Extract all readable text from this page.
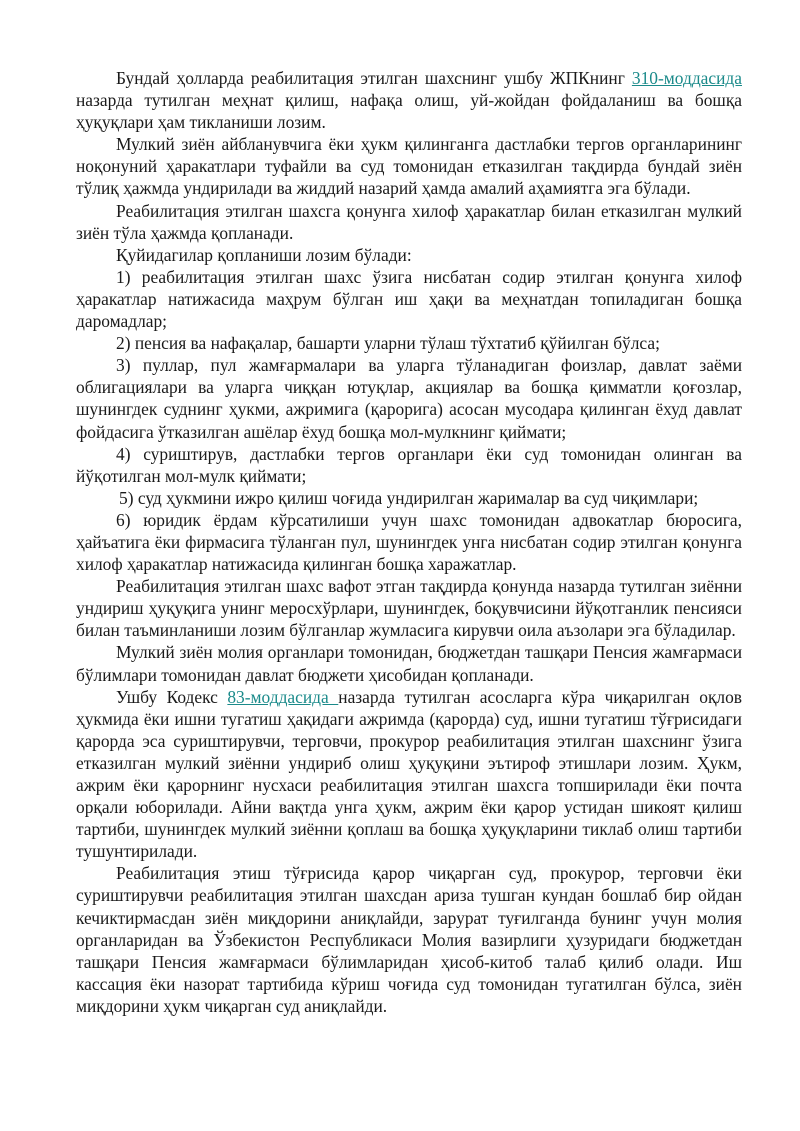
Бундай ҳолларда реабилитация этилган шахснинг ушбу ЖПКнинг 310-моддасида назарда тутилган меҳнат қилиш, нафақа олиш, уй-жойдан фойдаланиш ва бошқа ҳуқуқлари ҳам тикланиши лозим.

Мулкий зиён айбланувчига ёки ҳукм қилинганга дастлабки тергов органларининг ноқонуний ҳаракатлари туфайли ва суд томонидан етказилган тақдирда бундай зиён тўлиқ ҳажмда ундирилади ва жиддий назарий ҳамда амалий аҳамиятга эга бўлади.

Реабилитация этилган шахсга қонунга хилоф ҳаракатлар билан етказилган мулкий зиён тўла ҳажмда қопланади.

Қуйидагилар қопланиши лозим бўлади:

1) реабилитация этилган шахс ўзига нисбатан содир этилган қонунга хилоф ҳаракатлар натижасида маҳрум бўлган иш ҳақи ва меҳнатдан топиладиган бошқа даромадлар;

2) пенсия ва нафақалар, башарти уларни тўлаш тўхтатиб қўйилган бўлса;

3) пуллар, пул жамғармалари ва уларга тўланадиган фоизлар, давлат заёми облигациялари ва уларга чиққан ютуқлар, акциялар ва бошқа қимматли қоғозлар, шунингдек суднинг ҳукми, ажримига (қарорига) асосан мусодара қилинган ёхуд давлат фойдасига ўтказилган ашёлар ёхуд бошқа мол-мулкнинг қиймати;

4) суриштирув, дастлабки тергов органлари ёки суд томонидан олинган ва йўқотилган мол-мулк қиймати;

5) суд ҳукмини ижро қилиш чоғида ундирилган жарималар ва суд чиқимлари;

6) юридик ёрдам кўрсатилиши учун шахс томонидан адвокатлар бюросига, ҳайъатига ёки фирмасига тўланган пул, шунингдек унга нисбатан содир этилган қонунга хилоф ҳаракатлар натижасида қилинган бошқа харажатлар.

Реабилитация этилган шахс вафот этган тақдирда қонунда назарда тутилган зиённи ундириш ҳуқуқига унинг меросхўрлари, шунингдек, боқувчисини йўқотганлик пенсияси билан таъминланиши лозим бўлганлар жумласига кирувчи оила аъзолари эга бўладилар.

Мулкий зиён молия органлари томонидан, бюджетдан ташқари Пенсия жамғармаси бўлимлари томонидан давлат бюджети ҳисобидан қопланади.

Ушбу Кодекс 83-моддасида назарда тутилган асосларга кўра чиқарилган оқлов ҳукмида ёки ишни тугатиш ҳақидаги ажримда (қарорда) суд, ишни тугатиш тўғрисидаги қарорда эса суриштирувчи, терговчи, прокурор реабилитация этилган шахснинг ўзига етказилган мулкий зиённи ундириб олиш ҳуқуқини эътироф этишлари лозим. Ҳукм, ажрим ёки қарорнинг нусхаси реабилитация этилган шахсга топширилади ёки почта орқали юборилади. Айни вақтда унга ҳукм, ажрим ёки қарор устидан шикоят қилиш тартиби, шунингдек мулкий зиённи қоплаш ва бошқа ҳуқуқларини тиклаб олиш тартиби тушунтирилади.

Реабилитация этиш тўғрисида қарор чиқарган суд, прокурор, терговчи ёки суриштирувчи реабилитация этилган шахсдан ариза тушган кундан бошлаб бир ойдан кечиктирмасдан зиён миқдорини аниқлайди, зарурат туғилганда бунинг учун молия органларидан ва Ўзбекистон Республикаси Молия вазирлиги ҳузуридаги бюджетдан ташқари Пенсия жамғармаси бўлимларидан ҳисоб-китоб талаб қилиб олади. Иш кассация ёки назорат тартибида кўриш чоғида суд томонидан тугатилган бўлса, зиён миқдорини ҳукм чиқарган суд аниқлайди.
